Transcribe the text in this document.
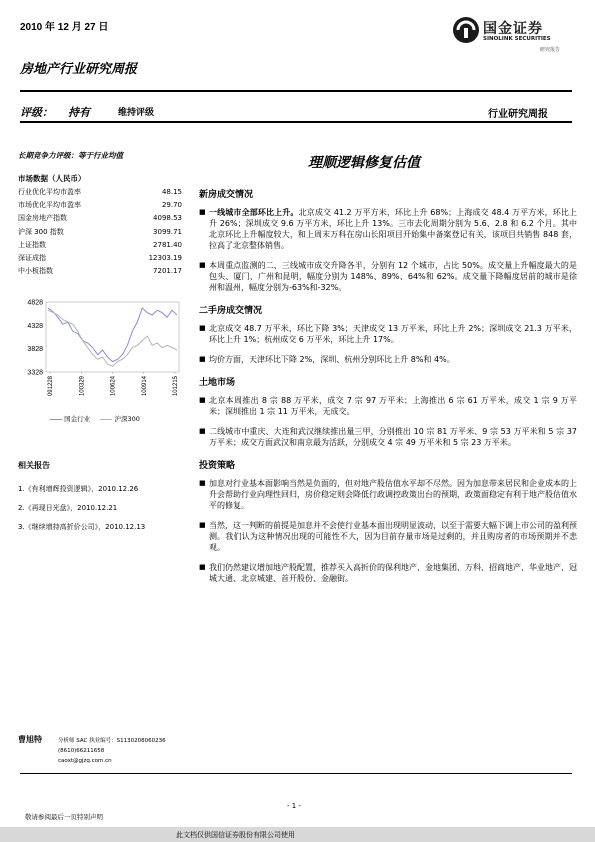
2010 年 12 月 27 日	国金证券
SINOLINK SECURITIES
研究报告
房地产行业研究周报
评级： 持有	维持评级	行业研究周报
长期竞争力评级：等于行业均值
市场数据（人民币）
行业优化平均市盈率	48.15
市场优化平均市盈率	29.70
国金房地产指数	4098.53
沪深 300 指数	3099.71
上证指数	2781.40
深证成指	12303.19
中小板指数	7201.17
4828
4328
3828
3328
091228	100329	100624	100914	101215
国金行业	沪深300
相关报告
1.《有利增辉投资逻辑》，2010.12.26
2.《再现日光盘》，2010.12.21
3.《继续增持高折价公司》，2010.12.13
理顺逻辑修复估值
新房成交情况
■ 一线城市全部环比上升。北京成交 41.2 万平方米，环比上升 68%；上海成交 48.4 万平方米，环比上升 26%；深圳成交 9.6 万平方米，环比上升 13%。三市去化周期分别为 5.6、2.8 和 6.2 个月。其中北京环比上升幅度较大，和上周末万科在房山长阳项目开始集中备案登记有关，该项目共销售 848 套，拉高了北京整体销售。
■ 本周重点监测的二、三线城市成交升降各半，分别有 12 个城市，占比 50%。成交量上升幅度最大的是包头、厦门、广州和昆明，幅度分别为 148%、89%、64%和 62%。成交量下降幅度居前的城市是徐州和温州，幅度分别为-63%和-32%。
二手房成交情况
■ 北京成交 48.7 万平米，环比下降 3%；天津成交 13 万平米，环比上升 2%；深圳成交 21.3 万平米，环比上升 1%；杭州成交 6 万平米，环比上升 17%。
■ 均价方面，天津环比下降 2%，深圳、杭州分别环比上升 8%和 4%。
土地市场
■ 北京本周推出 8 宗 88 万平米，成交 7 宗 97 万平米；上海推出 6 宗 61 万平米，成交 1 宗 9 万平米；深圳推出 1 宗 11 万平米，无成交。
■ 二线城市中重庆、大连和武汉继续推出量三甲，分别推出 10 宗 81 万平米、9 宗 53 万平米和 5 宗 37 万平米；成交方面武汉和南京最为活跃，分别成交 4 宗 49 万平米和 5 宗 23 万平米。
投资策略
■ 加息对行业基本面影响当然是负面的，但对地产股估值水平却不尽然。因为加息带来居民和企业成本的上升会帮助行业向理性回归，房价稳定则会降低行政调控政策出台的预期，政策面稳定有利于地产股估值水平的修复。
■ 当然，这一判断的前提是加息并不会使行业基本面出现明显波动，以至于需要大幅下调上市公司的盈利预测。我们认为这种情况出现的可能性不大，因为目前存量市场是过剩的，并且购房者的市场预期并不悲观。
■ 我们仍然建议增加地产股配置，推荐买入高折价的保利地产、金地集团、万科、招商地产、华业地产、冠城大通、北京城建、首开股份、金融街。
曹旭特	分析师 SAC 执业编号：S1130208060236
(8610)66211658
caoxt@gjzq.com.cn
- 1 -
敬请参阅最后一页特别声明
此文档仅供国信证券股份有限公司使用
